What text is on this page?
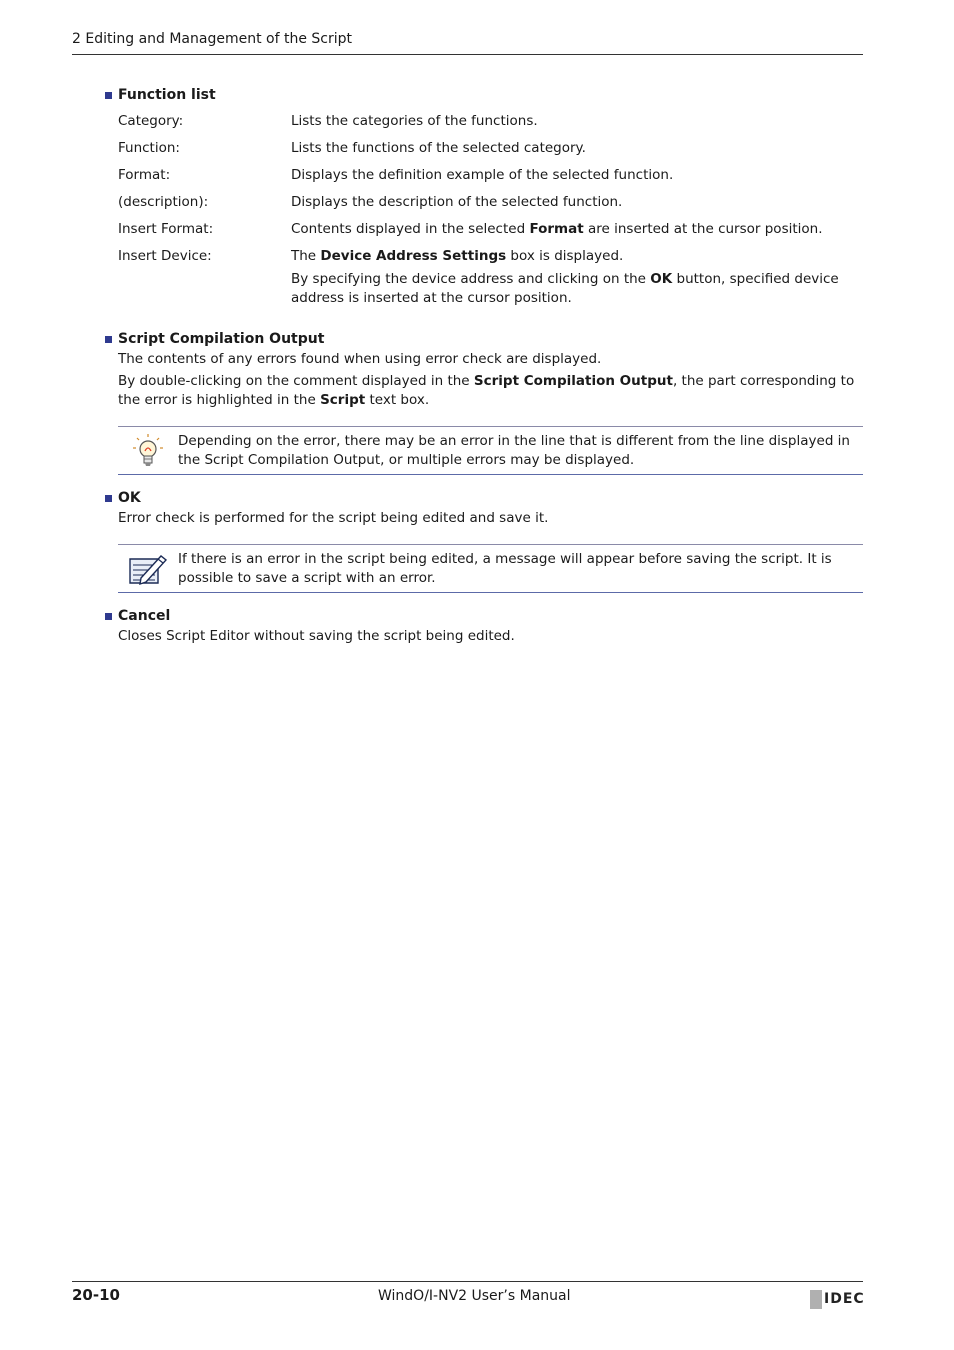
2 Editing and Management of the Script
Function list
Category:	Lists the categories of the functions.
Function:	Lists the functions of the selected category.
Format:	Displays the definition example of the selected function.
(description):	Displays the description of the selected function.
Insert Format:	Contents displayed in the selected Format are inserted at the cursor position.
Insert Device:	The Device Address Settings box is displayed.
By specifying the device address and clicking on the OK button, specified device address is inserted at the cursor position.
Script Compilation Output

The contents of any errors found when using error check are displayed.

By double-clicking on the comment displayed in the Script Compilation Output, the part corresponding to the error is highlighted in the Script text box.

Depending on the error, there may be an error in the line that is different from the line displayed in the Script Compilation Output, or multiple errors may be displayed.
OK

Error check is performed for the script being edited and save it.

If there is an error in the script being edited, a message will appear before saving the script. It is possible to save a script with an error.
Cancel

Closes Script Editor without saving the script being edited.

20-10	WindO/I-NV2 User’s Manual	IDEC
